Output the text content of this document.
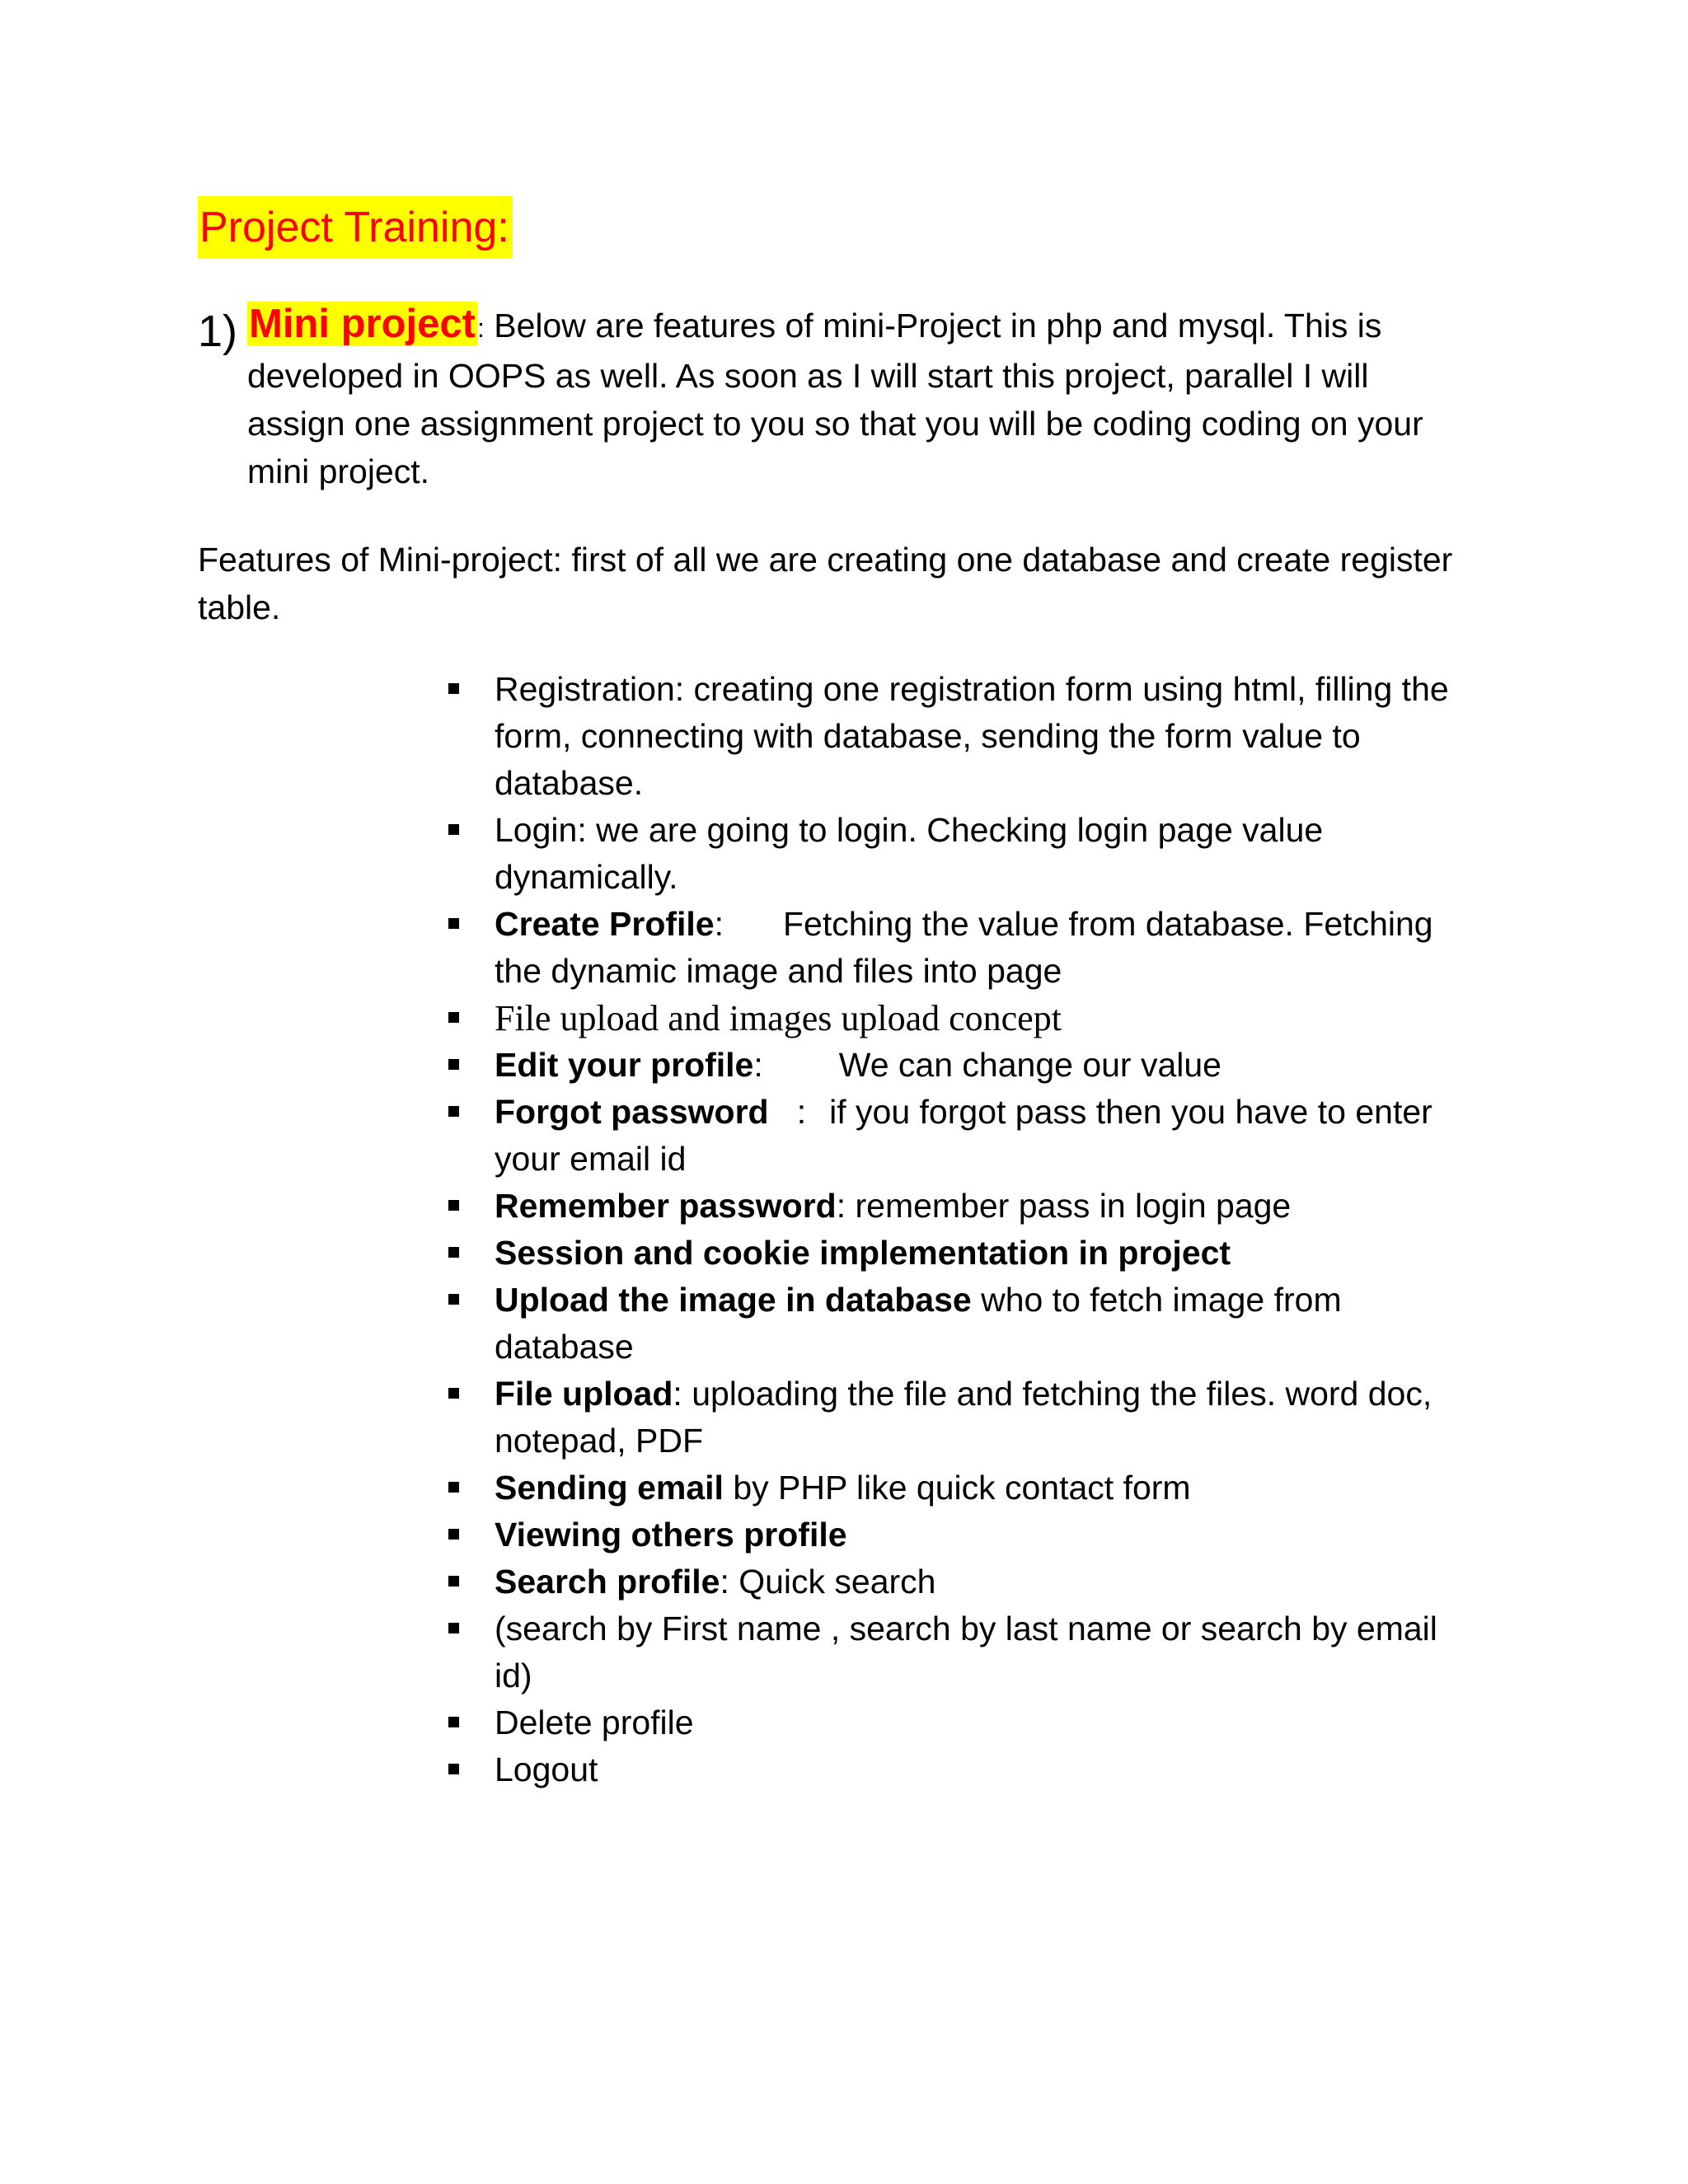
Project Training:
1) Mini project: Below are features of mini-Project in php and mysql. This is developed in OOPS as well. As soon as I will start this project, parallel I will assign one assignment project to you so that you will be coding coding on your mini project.
Features of Mini-project: first of all we are creating one database and create register table.
Registration: creating one registration form using html, filling the form, connecting with database, sending the form value to database.
Login: we are going to login. Checking login page value dynamically.
Create Profile: Fetching the value from database. Fetching the dynamic image and files into page
File upload and images upload concept
Edit your profile: We can change our value
Forgot password   : if you forgot pass then you have to enter your email id
Remember password: remember pass in login page
Session and cookie implementation in project
Upload the image in database who to fetch image from database
File upload: uploading the file and fetching the files. word doc, notepad, PDF
Sending email by PHP like quick contact form
Viewing others profile
Search profile: Quick search
(search by First name , search by last name or search by email id)
Delete profile
Logout
